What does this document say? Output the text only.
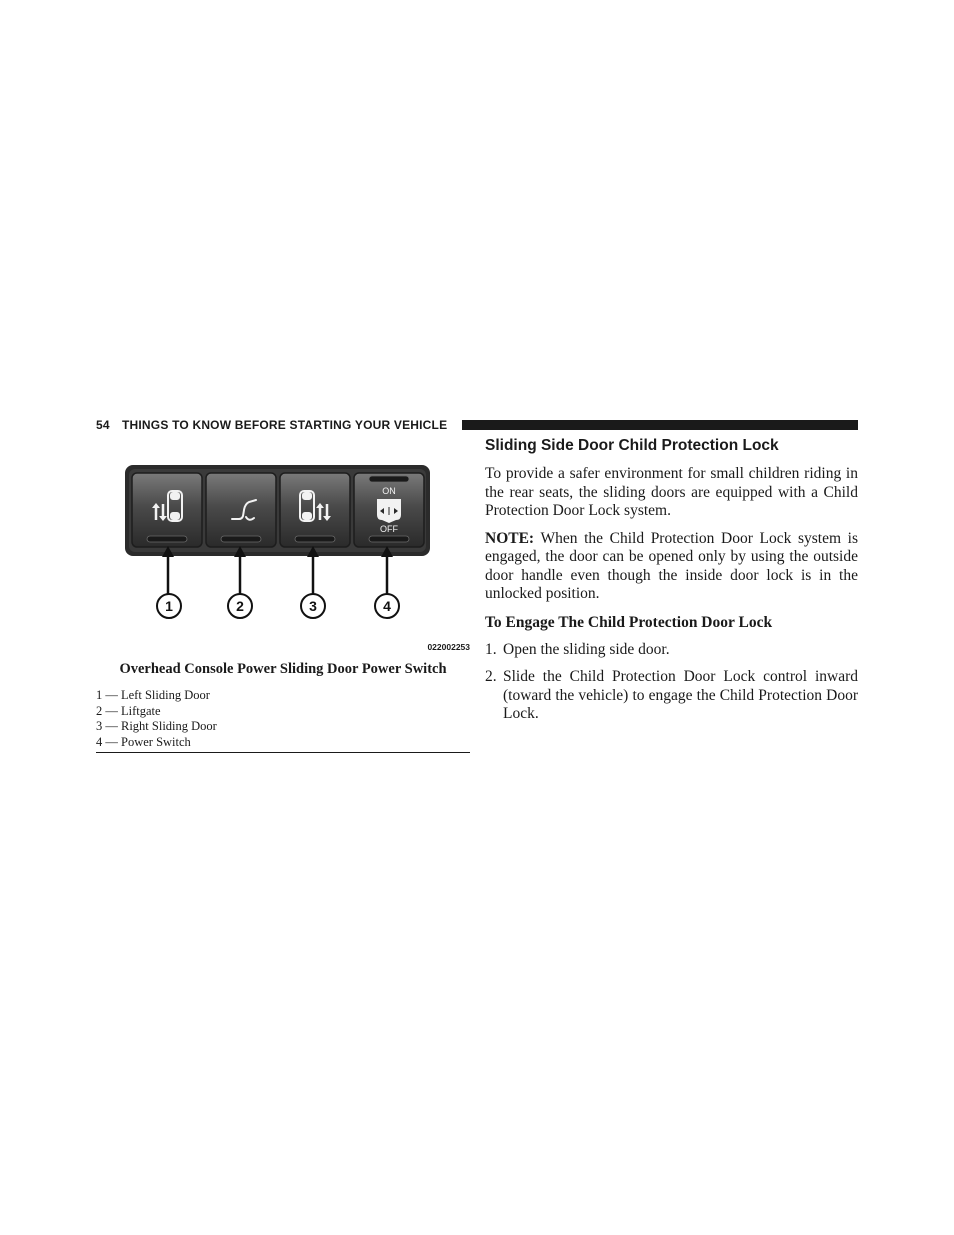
54 THINGS TO KNOW BEFORE STARTING YOUR VEHICLE
ON
OFF
1	2	3	4
022002253
Overhead Console Power Sliding Door Power Switch
1 — Left Sliding Door
2 — Liftgate
3 — Right Sliding Door
4 — Power Switch
Sliding Side Door Child Protection Lock

To provide a safer environment for small children riding in the rear seats, the sliding doors are equipped with a Child Protection Door Lock system.

NOTE: When the Child Protection Door Lock system is engaged, the door can be opened only by using the outside door handle even though the inside door lock is in the unlocked position.

To Engage The Child Protection Door Lock
1. Open the sliding side door.
2. Slide the Child Protection Door Lock control inward (toward the vehicle) to engage the Child Protection Door Lock.
